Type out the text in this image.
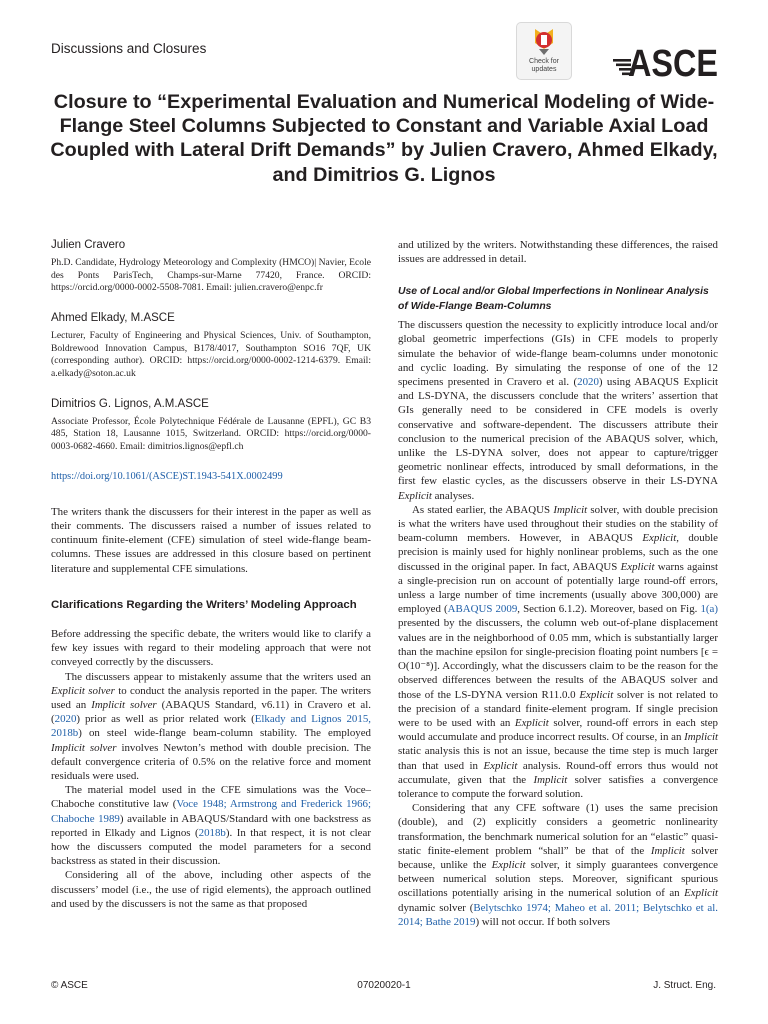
Discussions and Closures
Check for
updates	ASCE
Closure to “Experimental Evaluation and Numerical Modeling of Wide-Flange Steel Columns Subjected to Constant and Variable Axial Load Coupled with Lateral Drift Demands” by Julien Cravero, Ahmed Elkady, and Dimitrios G. Lignos
Julien Cravero
Ph.D. Candidate, Hydrology Meteorology and Complexity (HMCO)| Navier, Ecole des Ponts ParisTech, Champs-sur-Marne 77420, France. ORCID: https://orcid.org/0000-0002-5508-7081. Email: julien.cravero@enpc.fr
Ahmed Elkady, M.ASCE
Lecturer, Faculty of Engineering and Physical Sciences, Univ. of Southampton, Boldrewood Innovation Campus, B178/4017, Southampton SO16 7QF, UK (corresponding author). ORCID: https://orcid.org/0000-0002-1214-6379. Email: a.elkady@soton.ac.uk
Dimitrios G. Lignos, A.M.ASCE
Associate Professor, École Polytechnique Fédérale de Lausanne (EPFL), GC B3 485, Station 18, Lausanne 1015, Switzerland. ORCID: https://orcid.org/0000-0003-0682-4660. Email: dimitrios.lignos@epfl.ch
https://doi.org/10.1061/(ASCE)ST.1943-541X.0002499

The writers thank the discussers for their interest in the paper as well as their comments. The discussers raised a number of issues related to continuum finite-element (CFE) simulation of steel wide-flange beam-columns. These issues are addressed in this closure based on pertinent literature and supplemental CFE simulations.

Clarifications Regarding the Writers’ Modeling Approach

Before addressing the specific debate, the writers would like to clarify a few key issues with regard to their modeling approach that were not conveyed correctly by the discussers.

The discussers appear to mistakenly assume that the writers used an Explicit solver to conduct the analysis reported in the paper. The writers used an Implicit solver (ABAQUS Standard, v6.11) in Cravero et al. (2020) prior as well as prior related work (Elkady and Lignos 2015, 2018b) on steel wide-flange beam-column stability. The employed Implicit solver involves Newton’s method with double precision. The default convergence criteria of 0.5% on the relative force and moment residuals were used.

The material model used in the CFE simulations was the Voce–Chaboche constitutive law (Voce 1948; Armstrong and Frederick 1966; Chaboche 1989) available in ABAQUS/Standard with one backstress as reported in Elkady and Lignos (2018b). In that respect, it is not clear how the discussers computed the model parameters for a second backstress as stated in their discussion.

Considering all of the above, including other aspects of the discussers’ model (i.e., the use of rigid elements), the approach outlined and used by the discussers is not the same as that proposed

and utilized by the writers. Notwithstanding these differences, the raised issues are addressed in detail.

Use of Local and/or Global Imperfections in Nonlinear Analysis of Wide-Flange Beam-Columns

The discussers question the necessity to explicitly introduce local and/or global geometric imperfections (GIs) in CFE models to properly simulate the behavior of wide-flange beam-columns under monotonic and cyclic loading. By simulating the response of one of the 12 specimens presented in Cravero et al. (2020) using ABAQUS Explicit and LS-DYNA, the discussers conclude that the writers’ assertion that GIs generally need to be considered in CFE models is overly conservative and software-dependent. The discussers attribute their conclusion to the numerical precision of the ABAQUS solver, which, unlike the LS-DYNA solver, does not appear to capture/trigger geometric nonlinear effects, introduced by small deformations, in the first few elastic cycles, as the discussers observe in their LS-DYNA Explicit analyses.

As stated earlier, the ABAQUS Implicit solver, with double precision is what the writers have used throughout their studies on the stability of beam-column members. However, in ABAQUS Explicit, double precision is mainly used for highly nonlinear problems, such as the one discussed in the original paper. In fact, ABAQUS Explicit warns against a single-precision run on account of potentially large round-off errors, unless a large number of time increments (usually above 300,000) are employed (ABAQUS 2009, Section 6.1.2). Moreover, based on Fig. 1(a) presented by the discussers, the column web out-of-plane displacement values are in the neighborhood of 0.05 mm, which is substantially larger than the machine epsilon for single-precision floating point numbers [ϵ = O(10⁻⁸)]. Accordingly, what the discussers claim to be the reason for the observed differences between the results of the ABAQUS solver and those of the LS-DYNA version R11.0.0 Explicit solver is not related to the precision of a standard finite-element program. If single precision were to be used with an Explicit solver, round-off errors in each step would accumulate and produce incorrect results. Of course, in an Implicit static analysis this is not an issue, because the time step is much larger than that used in Explicit analysis. Round-off errors thus would not accumulate, given that the Implicit solver satisfies a convergence tolerance to compute the forward solution.

Considering that any CFE software (1) uses the same precision (double), and (2) explicitly considers a geometric nonlinearity transformation, the benchmark numerical solution for an “elastic” quasi-static finite-element problem “shall” be that of the Implicit solver because, unlike the Explicit solver, it simply guarantees convergence between numerical solution steps. Moreover, significant spurious oscillations potentially arising in the numerical solution of an Explicit dynamic solver (Belytschko 1974; Maheo et al. 2011; Belytschko et al. 2014; Bathe 2019) will not occur. If both solvers

© ASCE	07020020-1	J. Struct. Eng.
